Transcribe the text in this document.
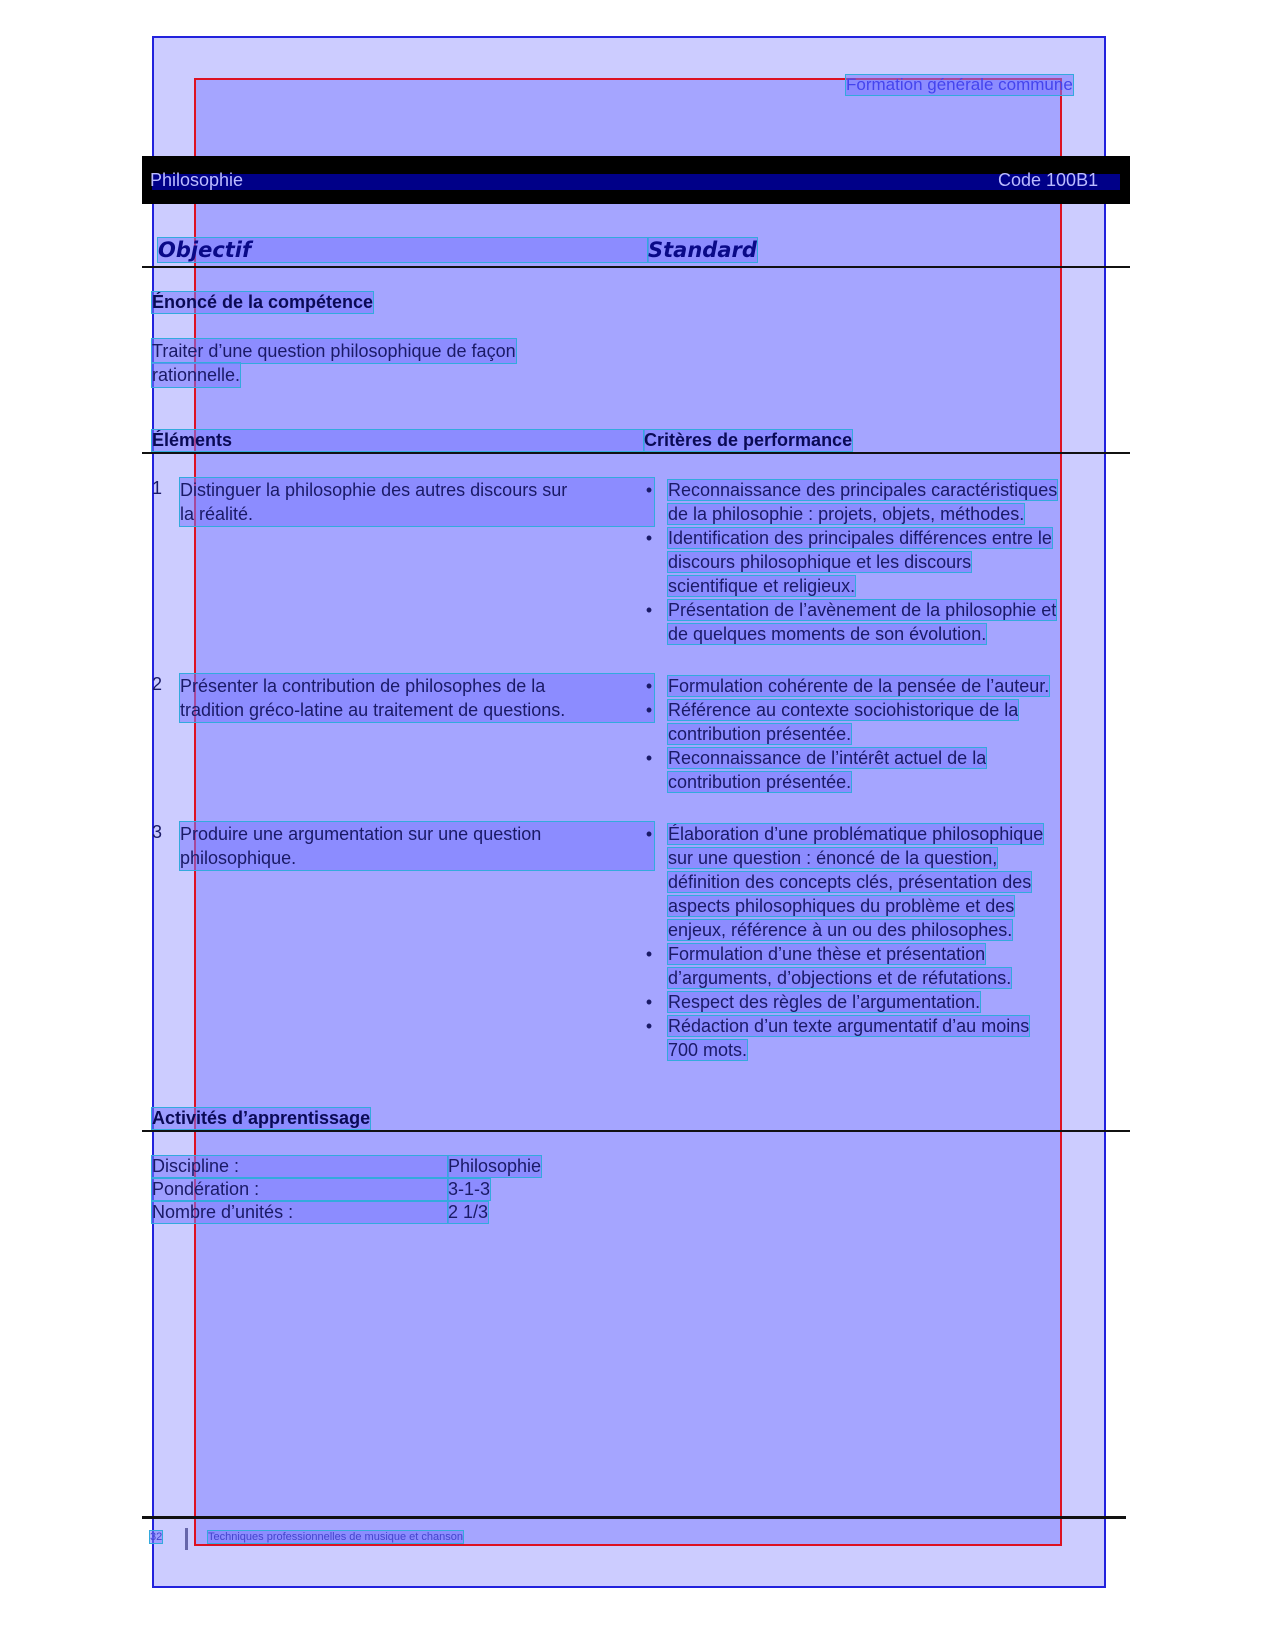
Formation générale commune
Philosophie	Code 100B1
Objectif	Standard
Énoncé de la compétence
Traiter d’une question philosophique de façon
rationnelle.
Éléments	Critères de performance
1 Distinguer la philosophie des autres discours sur
la réalité.
• Reconnaissance des principales caractéristiques
de la philosophie : projets, objets, méthodes.
• Identification des principales différences entre le
discours philosophique et les discours
scientifique et religieux.
• Présentation de l’avènement de la philosophie et
de quelques moments de son évolution.
2 Présenter la contribution de philosophes de la
tradition gréco-latine au traitement de questions.
• Formulation cohérente de la pensée de l’auteur.
• Référence au contexte sociohistorique de la
contribution présentée.
• Reconnaissance de l’intérêt actuel de la
contribution présentée.
3 Produire une argumentation sur une question
philosophique.
• Élaboration d’une problématique philosophique
sur une question : énoncé de la question,
définition des concepts clés, présentation des
aspects philosophiques du problème et des
enjeux, référence à un ou des philosophes.
• Formulation d’une thèse et présentation
d’arguments, d’objections et de réfutations.
• Respect des règles de l’argumentation.
• Rédaction d’un texte argumentatif d’au moins
700 mots.
Activités d’apprentissage
Discipline :	Philosophie
Pondération :	3-1-3
Nombre d’unités :	2 1/3
32	Techniques professionnelles de musique et chanson
